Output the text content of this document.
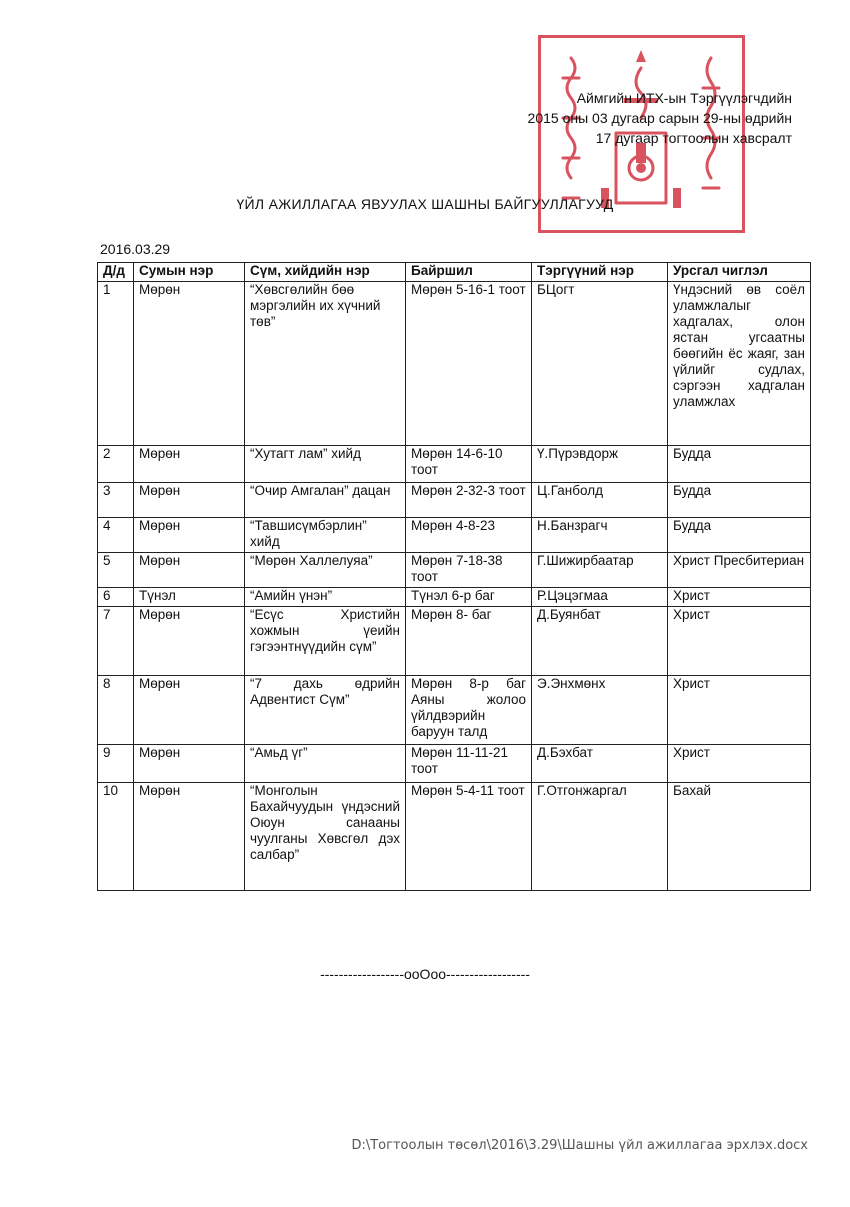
Аймгийн ИТХ-ын Тэргүүлэгчдийн
2015 оны 03 дугаар сарын 29-ны өдрийн
17 дугаар тогтоолын хавсралт
ҮЙЛ АЖИЛЛАГАА ЯВУУЛАХ ШАШНЫ БАЙГУУЛЛАГУУД
2016.03.29
Д/д	Сумын нэр	Сүм, хийдийн нэр	Байршил	Тэргүүний нэр	Урсгал чиглэл
1	Мөрөн	“Хөвсгөлийн бөө мэргэлийн их хүчний төв”	Мөрөн 5-16-1 тоот	БЦогт	Үндэсний өв соёл уламжлалыг хадгалах, олон ястан угсаатны бөөгийн ёс жаяг, зан үйлийг судлах, сэргээн хадгалан уламжлах
2	Мөрөн	“Хутагт лам” хийд	Мөрөн 14-6-10 тоот	Ү.Пүрэвдорж	Будда
3	Мөрөн	“Очир Амгалан” дацан	Мөрөн 2-32-3 тоот	Ц.Ганболд	Будда
4	Мөрөн	“Тавшисүмбэрлин” хийд	Мөрөн 4-8-23	Н.Банзрагч	Будда
5	Мөрөн	“Мөрөн Халлелуяа”	Мөрөн 7-18-38 тоот	Г.Шижирбаатар	Христ Пресбитериан
6	Түнэл	“Амийн үнэн”	Түнэл 6-р баг	Р.Цэцэгмаа	Христ
7	Мөрөн	“Есүс Христийн хожмын үеийн гэгээнтнүүдийн сүм”	Мөрөн 8- баг	Д.Буянбат	Христ
8	Мөрөн	“7 дахь өдрийн Адвентист Сүм”	Мөрөн 8-р баг Аяны жолоо үйлдвэрийн баруун талд	Э.Энхмөнх	Христ
9	Мөрөн	“Амьд үг”	Мөрөн 11-11-21 тоот	Д.Бэхбат	Христ
10	Мөрөн	“Монголын Бахайчуудын үндэсний Оюун санааны чуулганы Хөвсгөл дэх салбар”	Мөрөн 5-4-11 тоот	Г.Отгонжаргал	Бахай
------------------ooOoo------------------
D:\Тогтоолын төсөл\2016\3.29\Шашны үйл ажиллагаа эрхлэх.docx
